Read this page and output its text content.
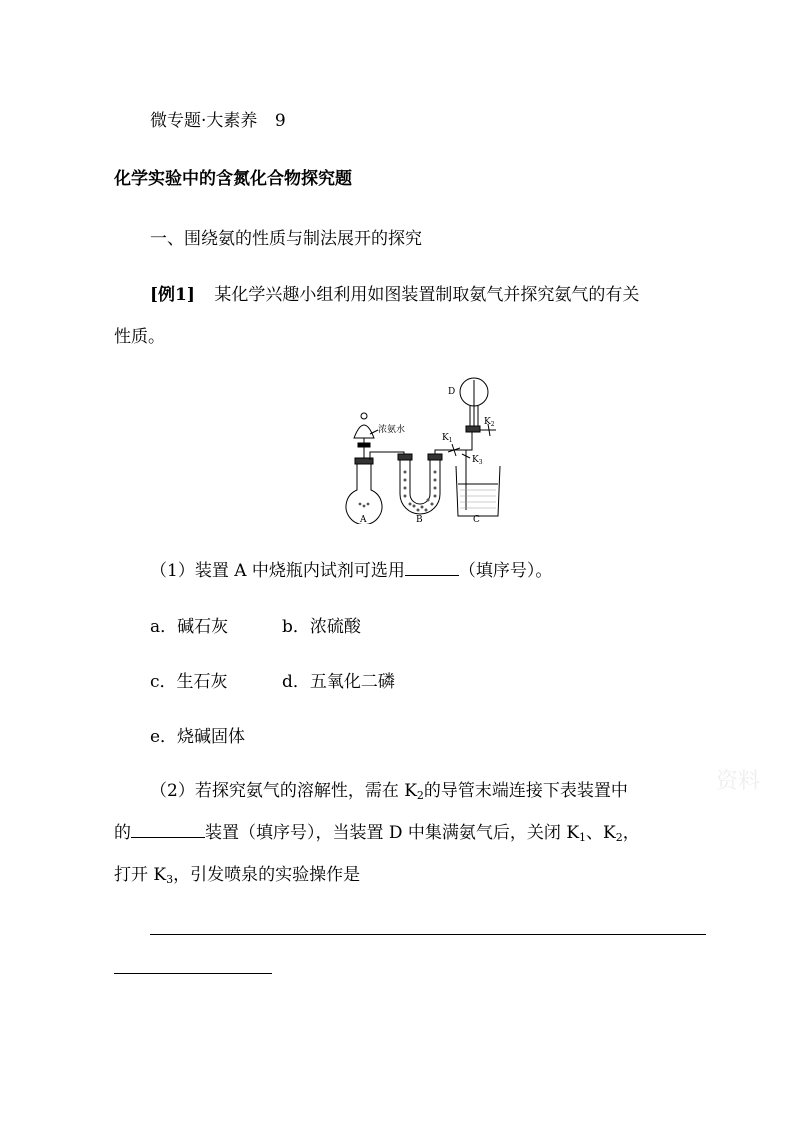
微专题·大素养 9
化学实验中的含氮化合物探究题
一、围绕氨的性质与制法展开的探究
[例1] 某化学兴趣小组利用如图装置制取氨气并探究氨气的有关
性质。
A	B	C
D
浓氨水
$K_1$
$K_2$
$K_3$
（1）装置 A 中烧瓶内试剂可选用	（填序号）。
a．碱石灰	b．浓硫酸
c．生石灰	d．五氧化二磷
e．烧碱固体
（2）若探究氨气的溶解性，需在 $K_2$的导管末端连接下表装置中
的	装置（填序号），当装置 D 中集满氨气后，关闭 $K_1$、$K_2$，
打开 $K_3$，引发喷泉的实验操作是
资料
